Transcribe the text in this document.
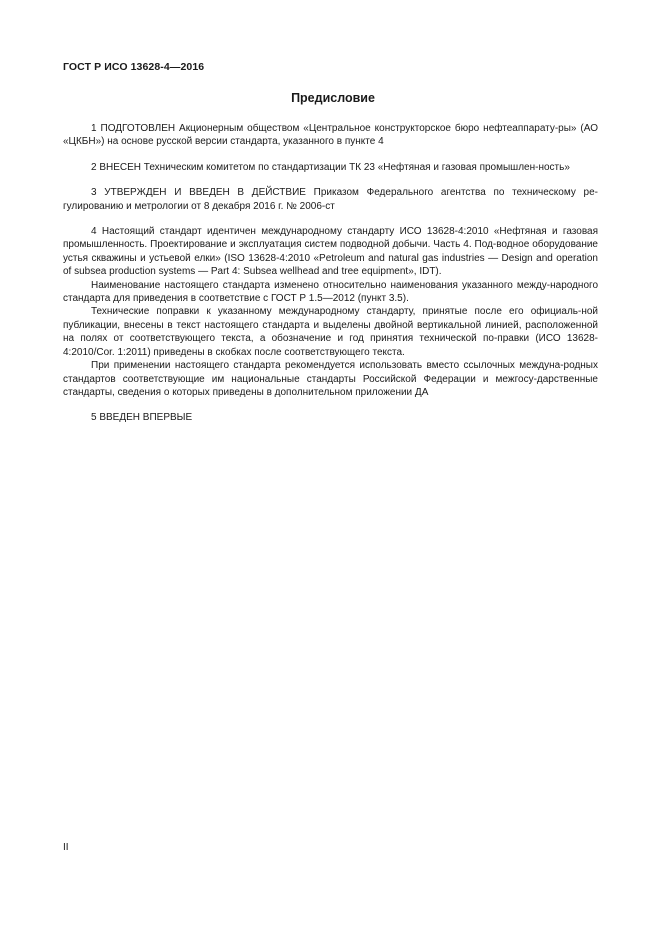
ГОСТ Р ИСО 13628-4—2016
Предисловие

1 ПОДГОТОВЛЕН Акционерным обществом «Центральное конструкторское бюро нефтеаппарату-ры» (АО «ЦКБН») на основе русской версии стандарта, указанного в пункте 4

2 ВНЕСЕН Техническим комитетом по стандартизации ТК 23 «Нефтяная и газовая промышлен-ность»

3 УТВЕРЖДЕН И ВВЕДЕН В ДЕЙСТВИЕ Приказом Федерального агентства по техническому ре-гулированию и метрологии от 8 декабря 2016 г. № 2006-ст

4 Настоящий стандарт идентичен международному стандарту ИСО 13628-4:2010 «Нефтяная и газовая промышленность. Проектирование и эксплуатация систем подводной добычи. Часть 4. Под-водное оборудование устья скважины и устьевой елки» (ISO 13628-4:2010 «Petroleum and natural gas industries — Design and operation of subsea production systems — Part 4: Subsea wellhead and tree equipment», IDT).

Наименование настоящего стандарта изменено относительно наименования указанного между-народного стандарта для приведения в соответствие с ГОСТ Р 1.5—2012 (пункт 3.5).

Технические поправки к указанному международному стандарту, принятые после его официаль-ной публикации, внесены в текст настоящего стандарта и выделены двойной вертикальной линией, расположенной на полях от соответствующего текста, а обозначение и год принятия технической по-правки (ИСО 13628-4:2010/Cor. 1:2011) приведены в скобках после соответствующего текста.

При применении настоящего стандарта рекомендуется использовать вместо ссылочных междуна-родных стандартов соответствующие им национальные стандарты Российской Федерации и межгосу-дарственные стандарты, сведения о которых приведены в дополнительном приложении ДА

5 ВВЕДЕН ВПЕРВЫЕ

II
